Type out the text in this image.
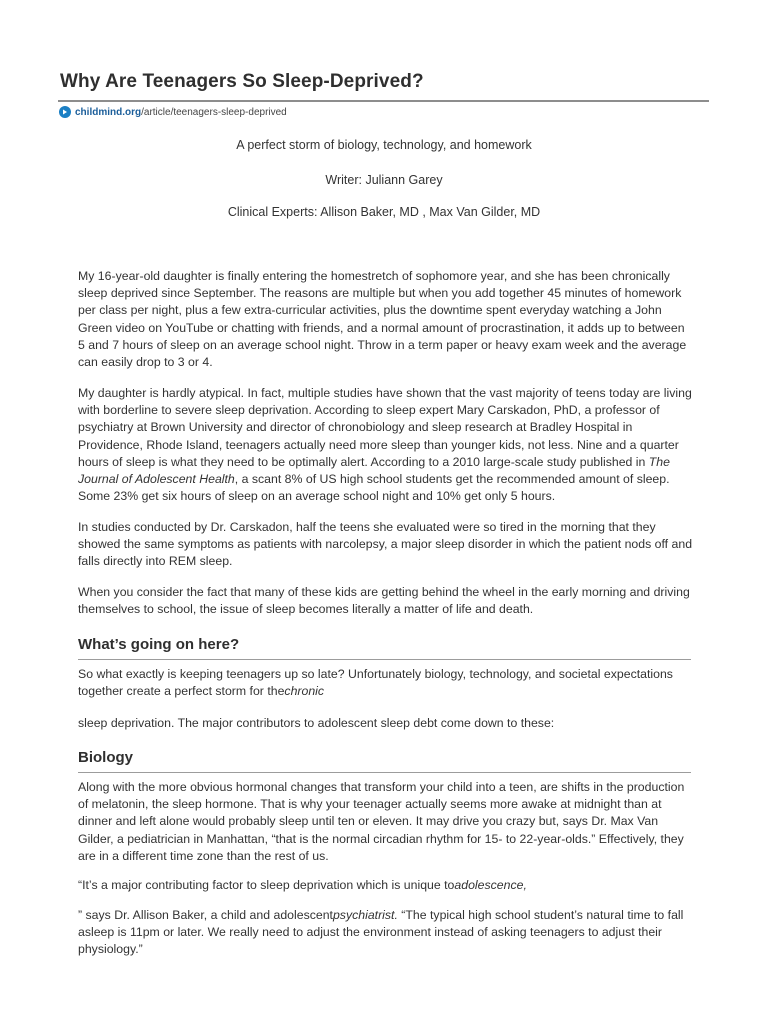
Why Are Teenagers So Sleep-Deprived?
childmind.org /article/teenagers-sleep-deprived
A perfect storm of biology, technology, and homework
Writer: Juliann Garey
Clinical Experts: Allison Baker, MD , Max Van Gilder, MD

My 16-year-old daughter is finally entering the homestretch of sophomore year, and she has been chronically sleep deprived since September. The reasons are multiple but when you add together 45 minutes of homework per class per night, plus a few extra-curricular activities, plus the downtime spent everyday watching a John Green video on YouTube or chatting with friends, and a normal amount of procrastination, it adds up to between 5 and 7 hours of sleep on an average school night. Throw in a term paper or heavy exam week and the average can easily drop to 3 or 4.

My daughter is hardly atypical. In fact, multiple studies have shown that the vast majority of teens today are living with borderline to severe sleep deprivation. According to sleep expert Mary Carskadon, PhD, a professor of psychiatry at Brown University and director of chronobiology and sleep research at Bradley Hospital in Providence, Rhode Island, teenagers actually need more sleep than younger kids, not less. Nine and a quarter hours of sleep is what they need to be optimally alert. According to a 2010 large-scale study published in The Journal of Adolescent Health, a scant 8% of US high school students get the recommended amount of sleep. Some 23% get six hours of sleep on an average school night and 10% get only 5 hours.

In studies conducted by Dr. Carskadon, half the teens she evaluated were so tired in the morning that they showed the same symptoms as patients with narcolepsy, a major sleep disorder in which the patient nods off and falls directly into REM sleep.

When you consider the fact that many of these kids are getting behind the wheel in the early morning and driving themselves to school, the issue of sleep becomes literally a matter of life and death.

What’s going on here?

So what exactly is keeping teenagers up so late? Unfortunately biology, technology, and societal expectations together create a perfect storm for thechronic

sleep deprivation. The major contributors to adolescent sleep debt come down to these:

Biology

Along with the more obvious hormonal changes that transform your child into a teen, are shifts in the production of melatonin, the sleep hormone. That is why your teenager actually seems more awake at midnight than at dinner and left alone would probably sleep until ten or eleven. It may drive you crazy but, says Dr. Max Van Gilder, a pediatrician in Manhattan, “that is the normal circadian rhythm for 15- to 22-year-olds.” Effectively, they are in a different time zone than the rest of us.

“It’s a major contributing factor to sleep deprivation which is unique toadolescence,

” says Dr. Allison Baker, a child and adolescentpsychiatrist. “The typical high school student’s natural time to fall asleep is 11pm or later. We really need to adjust the environment instead of asking teenagers to adjust their physiology.”
